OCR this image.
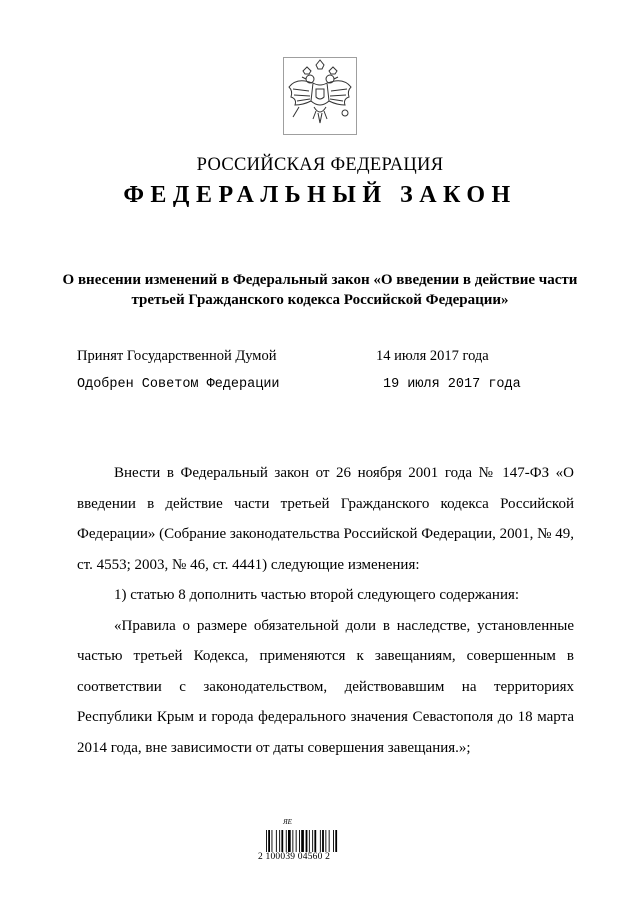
РОССИЙСКАЯ ФЕДЕРАЦИЯ
ФЕДЕРАЛЬНЫЙ ЗАКОН
О внесении изменений в Федеральный закон «О введении в действие части третьей Гражданского кодекса Российской Федерации»
Принят Государственной Думой	14 июля 2017 года
Одобрен Советом Федерации	19 июля 2017 года

Внести в Федеральный закон от 26 ноября 2001 года № 147-ФЗ «О введении в действие части третьей Гражданского кодекса Российской Федерации» (Собрание законодательства Российской Федерации, 2001, № 49, ст. 4553; 2003, № 46, ст. 4441) следующие изменения:

1) статью 8 дополнить частью второй следующего содержания:

«Правила о размере обязательной доли в наследстве, установленные частью третьей Кодекса, применяются к завещаниям, совершенным в соответствии с законодательством, действовавшим на территориях Республики Крым и города федерального значения Севастополя до 18 марта 2014 года, вне зависимости от даты совершения завещания.»;

ЯЕ
2 100039 04560 2
